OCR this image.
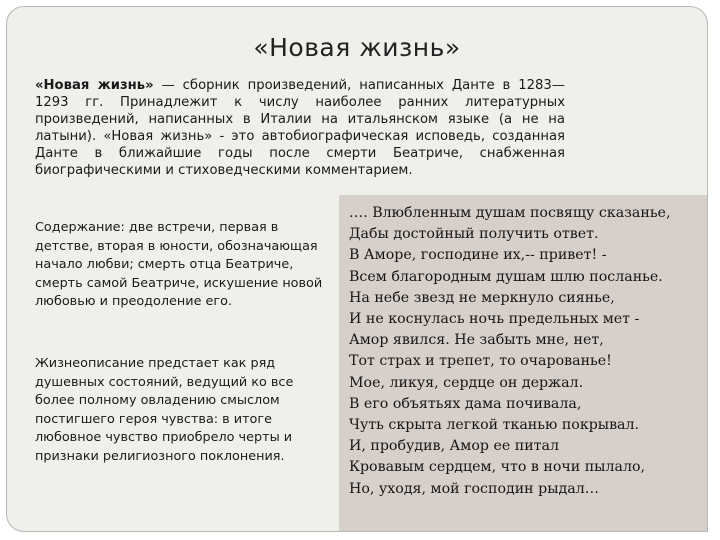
«Новая жизнь»

«Новая жизнь» — сборник произведений, написанных Данте в 1283—1293 гг. Принадлежит к числу наиболее ранних литературных произведений, написанных в Италии на итальянском языке (а не на латыни). «Новая жизнь» - это автобиографическая исповедь, созданная Данте в ближайшие годы после смерти Беатриче, снабженная биографическими и стиховедческими комментарием.

Содержание: две встречи, первая в детстве, вторая в юности, обозначающая начало любви; смерть отца Беатриче, смерть самой Беатриче, искушение новой любовью и преодоление его.

Жизнеописание предстает как ряд душевных состояний, ведущий ко все более полному овладению смыслом постигшего героя чувства: в итоге любовное чувство приобрело черты и признаки религиозного поклонения.

…. Влюбленным душам посвящу сказанье,
Дабы достойный получить ответ.
В Аморе, господине их,-- привет! -
Всем благородным душам шлю посланье.
На небе звезд не меркнуло сиянье,
И не коснулась ночь предельных мет -
Амор явился. Не забыть мне, нет,
Тот страх и трепет, то очарованье!
Мое, ликуя, сердце он держал.
В его объятьях дама почивала,
Чуть скрыта легкой тканью покрывал.
И, пробудив, Амор ее питал
Кровавым сердцем, что в ночи пылало,
Но, уходя, мой господин рыдал…
